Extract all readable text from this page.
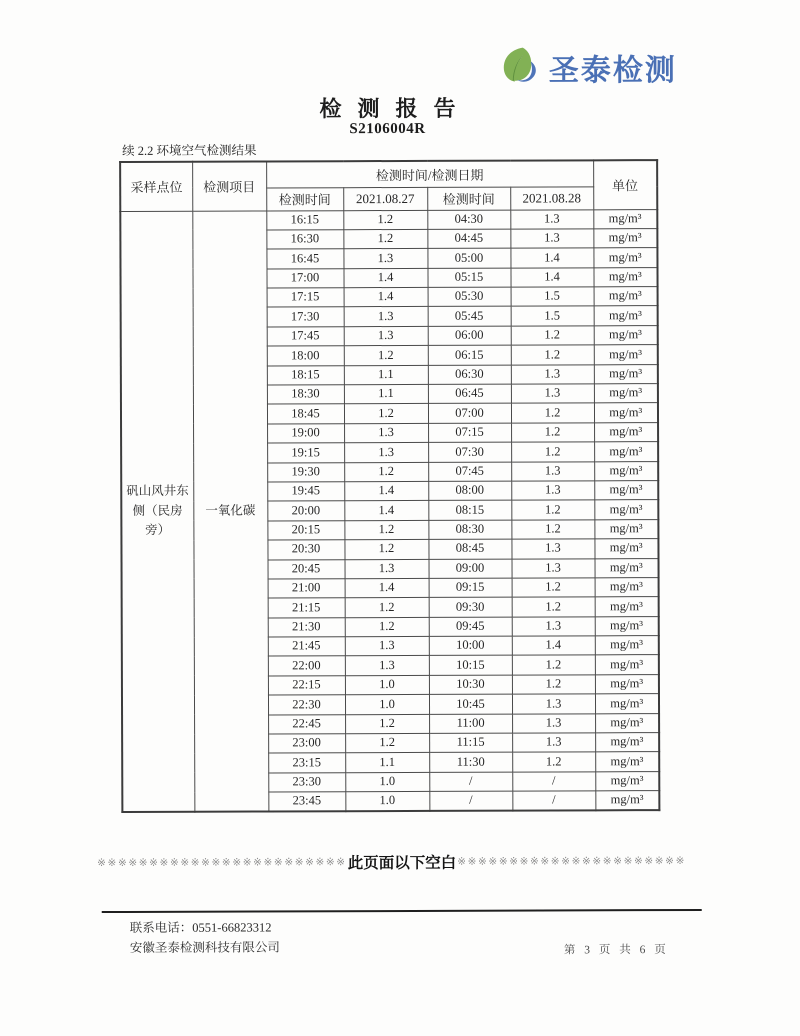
圣泰检测
检测报告
S2106004R
续 2.2 环境空气检测结果
采样点位	检测项目	检测时间/检测日期				单位
		检测时间	2021.08.27	检测时间	2021.08.28	
矾山风井东侧（民房旁）	一氧化碳	16:15	1.2	04:30	1.3	mg/m³
		16:30	1.2	04:45	1.3	mg/m³
		16:45	1.3	05:00	1.4	mg/m³
		17:00	1.4	05:15	1.4	mg/m³
		17:15	1.4	05:30	1.5	mg/m³
		17:30	1.3	05:45	1.5	mg/m³
		17:45	1.3	06:00	1.2	mg/m³
		18:00	1.2	06:15	1.2	mg/m³
		18:15	1.1	06:30	1.3	mg/m³
		18:30	1.1	06:45	1.3	mg/m³
		18:45	1.2	07:00	1.2	mg/m³
		19:00	1.3	07:15	1.2	mg/m³
		19:15	1.3	07:30	1.2	mg/m³
		19:30	1.2	07:45	1.3	mg/m³
		19:45	1.4	08:00	1.3	mg/m³
		20:00	1.4	08:15	1.2	mg/m³
		20:15	1.2	08:30	1.2	mg/m³
		20:30	1.2	08:45	1.3	mg/m³
		20:45	1.3	09:00	1.3	mg/m³
		21:00	1.4	09:15	1.2	mg/m³
		21:15	1.2	09:30	1.2	mg/m³
		21:30	1.2	09:45	1.3	mg/m³
		21:45	1.3	10:00	1.4	mg/m³
		22:00	1.3	10:15	1.2	mg/m³
		22:15	1.0	10:30	1.2	mg/m³
		22:30	1.0	10:45	1.3	mg/m³
		22:45	1.2	11:00	1.3	mg/m³
		23:00	1.2	11:15	1.3	mg/m³
		23:15	1.1	11:30	1.2	mg/m³
		23:30	1.0	/	/	mg/m³
		23:45	1.0	/	/	mg/m³
※※※※※※※※※※※※※※※※※※※※※※※※ 此页面以下空白 ※※※※※※※※※※※※※※※※※※※※※※
联系电话：0551-66823312
安徽圣泰检测科技有限公司	第 3 页 共 6 页
